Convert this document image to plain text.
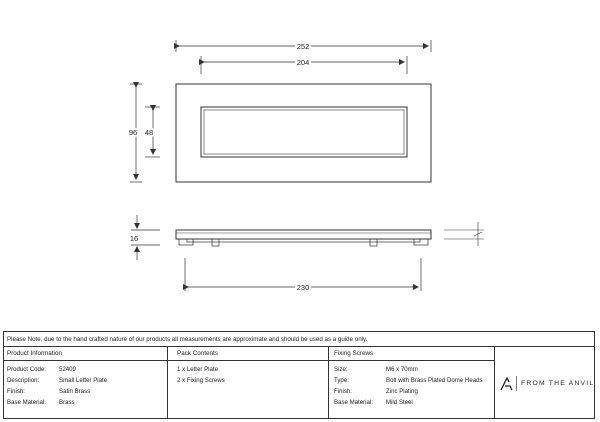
252
204
96 48
16
230
Please Note, due to the hand crafted nature of our products all measurements are approximate and should be used as a guide only.
Product Information
Product Code: 52409
Description:	Small Letter Plate
Finish:	Satin Brass
Base Material: Brass
Pack Contents
1 x Letter Plate
2 x Fixing Screws
Fixing Screws
Size:	M6 x 70mm
Type:	Bolt with Brass Plated Dome Heads
Finish:	Zinc Plating
Base Material: Mild Steel
FROM THE ANVIL
